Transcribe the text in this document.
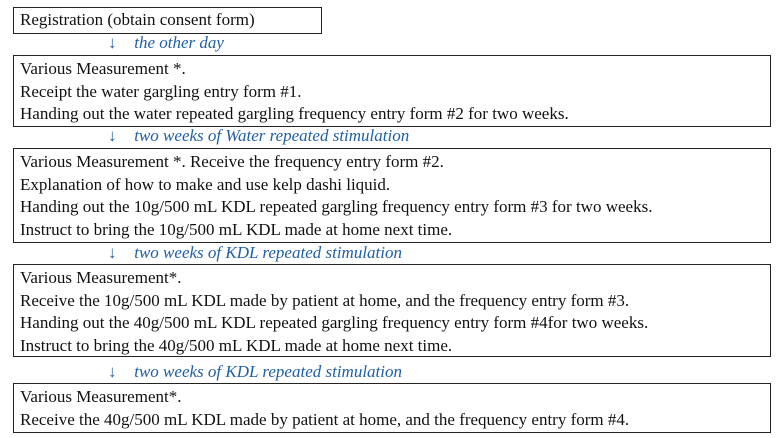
Registration (obtain consent form)
↓ the other day
Various Measurement *.
Receipt the water gargling entry form #1.
Handing out the water repeated gargling frequency entry form #2 for two weeks.
↓ two weeks of Water repeated stimulation
Various Measurement *. Receive the frequency entry form #2.
Explanation of how to make and use kelp dashi liquid.
Handing out the 10g/500 mL KDL repeated gargling frequency entry form #3 for two weeks.
Instruct to bring the 10g/500 mL KDL made at home next time.
↓ two weeks of KDL repeated stimulation
Various Measurement*.
Receive the 10g/500 mL KDL made by patient at home, and the frequency entry form #3.
Handing out the 40g/500 mL KDL repeated gargling frequency entry form #4for two weeks.
Instruct to bring the 40g/500 mL KDL made at home next time.
↓ two weeks of KDL repeated stimulation
Various Measurement*.
Receive the 40g/500 mL KDL made by patient at home, and the frequency entry form #4.
